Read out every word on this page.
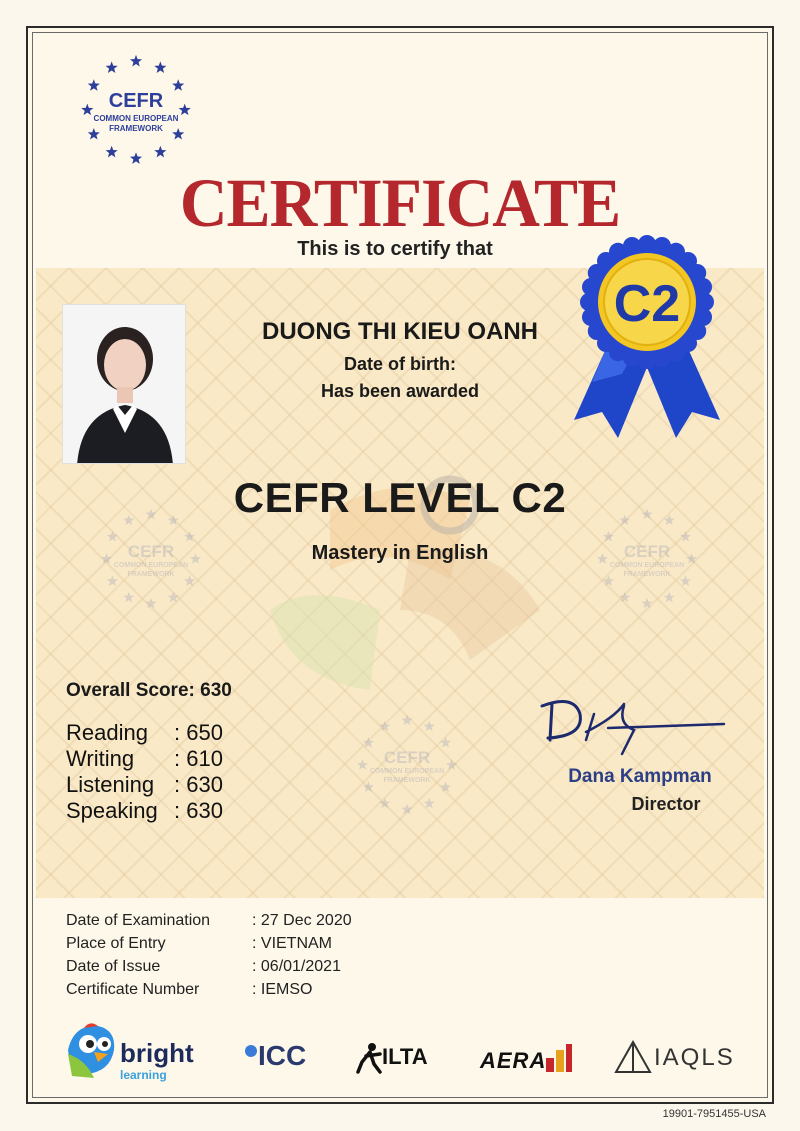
CEFR
COMMON EUROPEAN
FRAMEWORK
CERTIFICATE
This is to certify that
C2
DUONG THI KIEU OANH
Date of birth:
Has been awarded
CEFR LEVEL C2
Mastery in English
CEFR
COMMON EUROPEAN
FRAMEWORK
CEFR
COMMON EUROPEAN
FRAMEWORK
CEFR
COMMON EUROPEAN
FRAMEWORK
Overall Score: 630
Reading : 650
Writing : 610
Listening : 630
Speaking : 630
Dana Kampman
Director
Date of Examination	: 27 Dec 2020
Place of Entry	: VIETNAM
Date of Issue	: 06/01/2021
Certificate Number	: IEMSO
bright
learning
ICC	ILTA AERA	IAQLS
19901-7951455-USA
